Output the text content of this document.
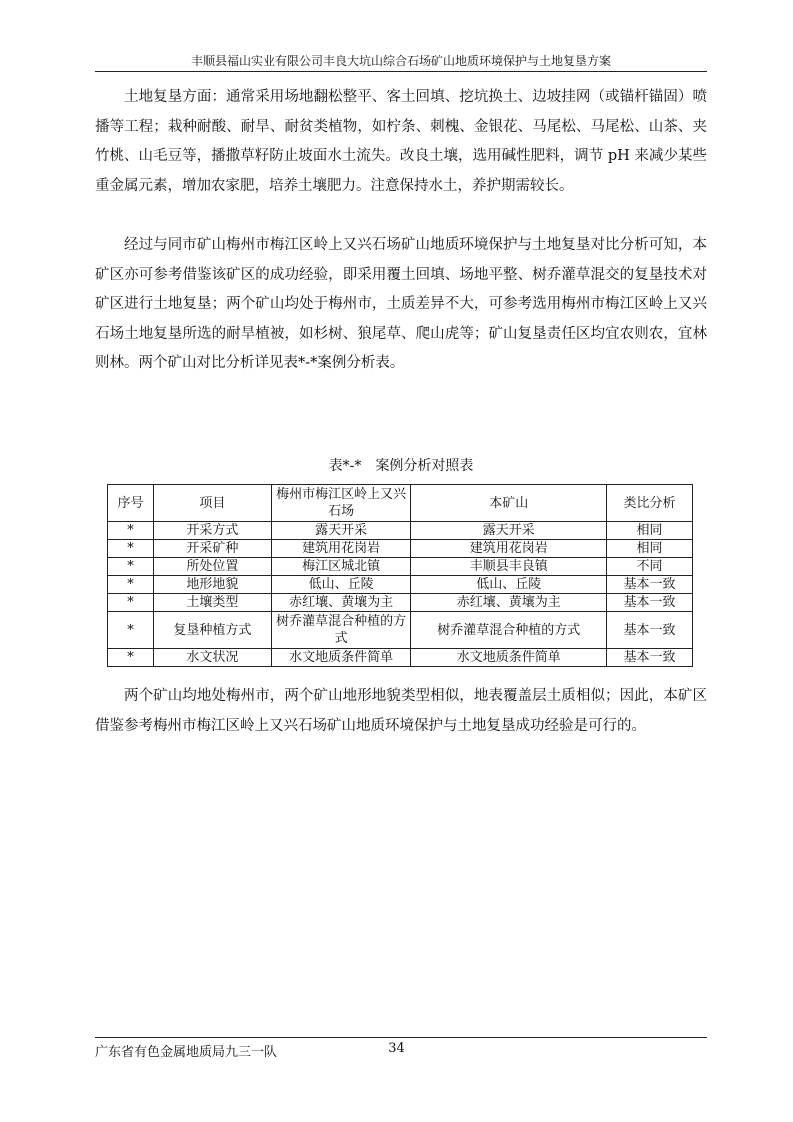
丰顺县福山实业有限公司丰良大坑山综合石场矿山地质环境保护与土地复垦方案

土地复垦方面：通常采用场地翻松整平、客土回填、挖坑换土、边坡挂网（或锚杆锚固）喷播等工程；栽种耐酸、耐旱、耐贫类植物，如柠条、刺槐、金银花、马尾松、马尾松、山茶、夹竹桃、山毛豆等，播撒草籽防止坡面水土流失。改良土壤，选用碱性肥料，调节 pH 来减少某些重金属元素，增加农家肥，培养土壤肥力。注意保持水土，养护期需较长。

经过与同市矿山梅州市梅江区岭上又兴石场矿山地质环境保护与土地复垦对比分析可知，本矿区亦可参考借鉴该矿区的成功经验，即采用覆土回填、场地平整、树乔灌草混交的复垦技术对矿区进行土地复垦；两个矿山均处于梅州市，土质差异不大，可参考选用梅州市梅江区岭上又兴石场土地复垦所选的耐旱植被，如杉树、狼尾草、爬山虎等；矿山复垦责任区均宜农则农，宜林则林。两个矿山对比分析详见表*-*案例分析表。

表*-*　案例分析对照表
序号	项目	梅州市梅江区岭上又兴石场	本矿山	类比分析
*	开采方式	露天开采	露天开采	相同
*	开采矿种	建筑用花岗岩	建筑用花岗岩	相同
*	所处位置	梅江区城北镇	丰顺县丰良镇	不同
*	地形地貌	低山、丘陵	低山、丘陵	基本一致
*	土壤类型	赤红壤、黄壤为主	赤红壤、黄壤为主	基本一致
*	复垦种植方式	树乔灌草混合种植的方式	树乔灌草混合种植的方式	基本一致
*	水文状况	水文地质条件简单	水文地质条件简单	基本一致

两个矿山均地处梅州市，两个矿山地形地貌类型相似，地表覆盖层土质相似；因此，本矿区借鉴参考梅州市梅江区岭上又兴石场矿山地质环境保护与土地复垦成功经验是可行的。

广东省有色金属地质局九三一队	34
